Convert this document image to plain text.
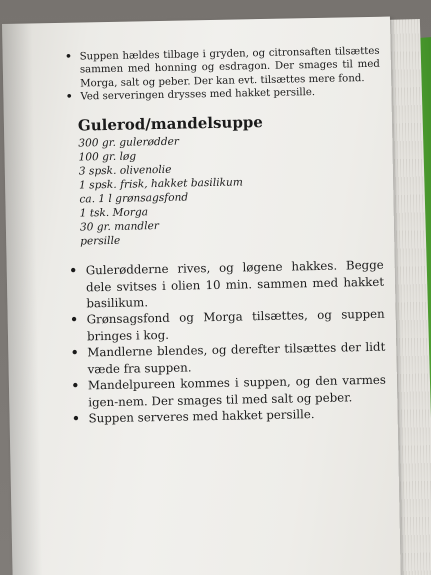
• Suppen hældes tilbage i gryden, og citronsaften tilsættes sammen med honning og esdragon. Der smages til med Morga, salt og peber. Der kan evt. tilsættes mere fond.
• Ved serveringen drysses med hakket persille.
Gulerod/mandelsuppe
300 gr. gulerødder
100 gr. løg
3 spsk. olivenolie
1 spsk. frisk, hakket basilikum
ca. 1 l grønsagsfond
1 tsk. Morga
30 gr. mandler
persille
• Gulerødderne rives, og løgene hakkes. Begge dele svitses i olien 10 min. sammen med hakket basilikum.
• Grønsagsfond og Morga tilsættes, og suppen bringes i kog.
• Mandlerne blendes, og derefter tilsættes der lidt væde fra suppen.
• Mandelpureen kommes i suppen, og den varmes igen-nem. Der smages til med salt og peber.
• Suppen serveres med hakket persille.
